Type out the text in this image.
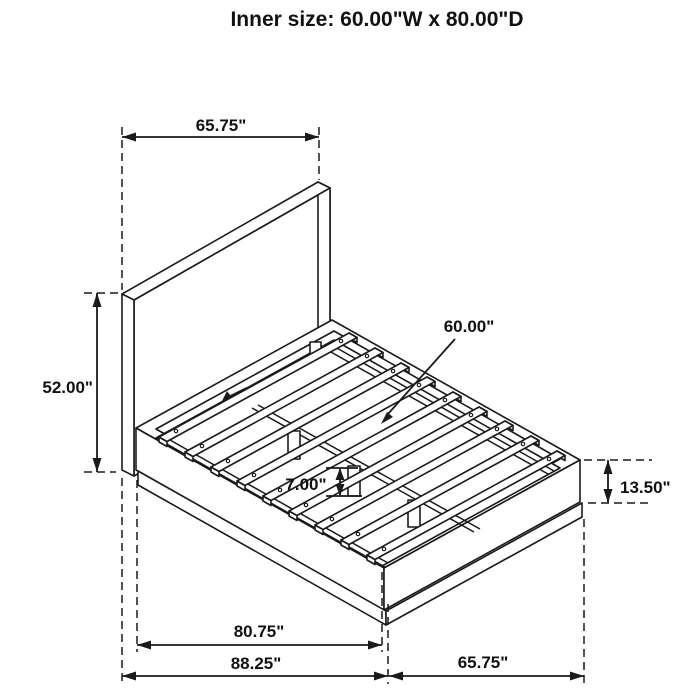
Inner size: 60.00"W x 80.00"D
65.75"
52.00"
60.00"
7.00"	13.50"
80.75"
88.25"	65.75"
